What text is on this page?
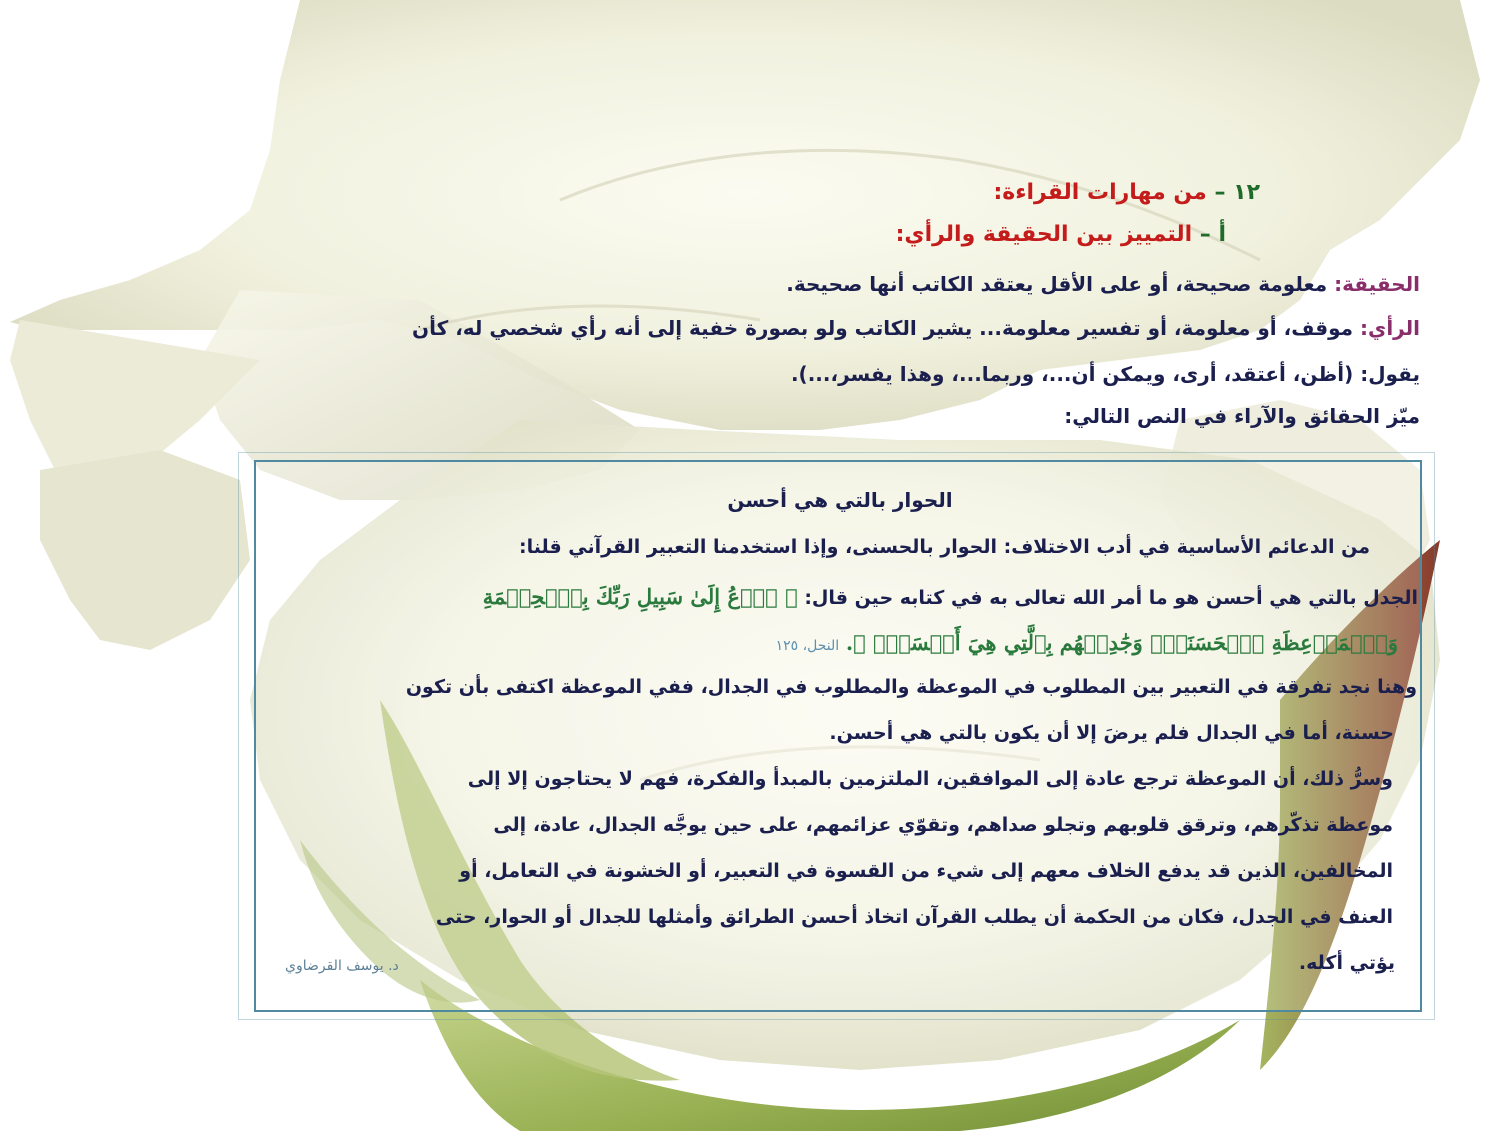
١٢ – من مهارات القراءة:
أ – التمييز بين الحقيقة والرأي:
الحقيقة: معلومة صحيحة، أو على الأقل يعتقد الكاتب أنها صحيحة.
الرأي: موقف، أو معلومة، أو تفسير معلومة... يشير الكاتب ولو بصورة خفية إلى أنه رأي شخصي له، كأن
يقول: (أظن، أعتقد، أرى، ويمكن أن...، وربما...، وهذا يفسر،...).
ميّز الحقائق والآراء في النص التالي:
الحوار بالتي هي أحسن
من الدعائم الأساسية في أدب الاختلاف: الحوار بالحسنى، وإذا استخدمنا التعبير القرآني قلنا:
الجدل بالتي هي أحسن هو ما أمر الله تعالى به في كتابه حين قال: ﴿ ٱدۡعُ إِلَىٰ سَبِيلِ رَبِّكَ بِٱلۡحِكۡمَةِ
وَٱلۡمَوۡعِظَةِ ٱلۡحَسَنَةِۖ وَجَٰدِلۡهُم بِٱلَّتِي هِيَ أَحۡسَنُۚ ﴾. النحل، ١٢٥
وهنا نجد تفرقة في التعبير بين المطلوب في الموعظة والمطلوب في الجدال، ففي الموعظة اكتفى بأن تكون
حسنة، أما في الجدال فلم يرضَ إلا أن يكون بالتي هي أحسن.
وسرُّ ذلك، أن الموعظة ترجع عادة إلى الموافقين، الملتزمين بالمبدأ والفكرة، فهم لا يحتاجون إلا إلى
موعظة تذكّرهم، وترقق قلوبهم وتجلو صداهم، وتقوّي عزائمهم، على حين يوجَّه الجدال، عادة، إلى
المخالفين، الذين قد يدفع الخلاف معهم إلى شيء من القسوة في التعبير، أو الخشونة في التعامل، أو
العنف في الجدل، فكان من الحكمة أن يطلب القرآن اتخاذ أحسن الطرائق وأمثلها للجدال أو الحوار، حتى
يؤتي أكله.
د. يوسف القرضاوي
